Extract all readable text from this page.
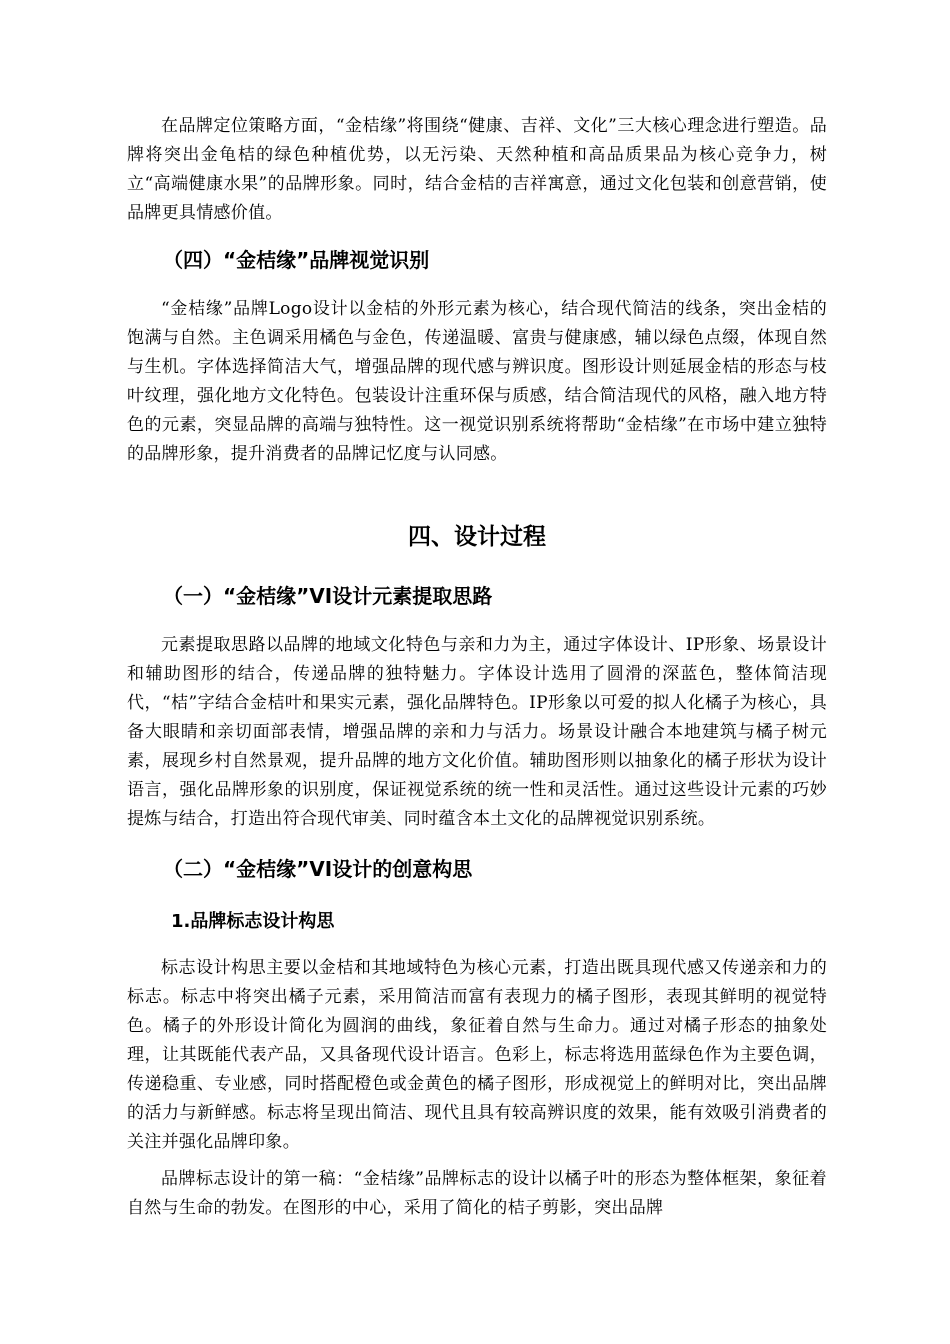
在品牌定位策略方面，“金桔缘”将围绕“健康、吉祥、文化”三大核心理念进行塑造。品牌将突出金龟桔的绿色种植优势，以无污染、天然种植和高品质果品为核心竞争力，树立“高端健康水果”的品牌形象。同时，结合金桔的吉祥寓意，通过文化包装和创意营销，使品牌更具情感价值。

（四）“金桔缘”品牌视觉识别

“金桔缘”品牌Logo设计以金桔的外形元素为核心，结合现代简洁的线条，突出金桔的饱满与自然。主色调采用橘色与金色，传递温暖、富贵与健康感，辅以绿色点缀，体现自然与生机。字体选择简洁大气，增强品牌的现代感与辨识度。图形设计则延展金桔的形态与枝叶纹理，强化地方文化特色。包装设计注重环保与质感，结合简洁现代的风格，融入地方特色的元素，突显品牌的高端与独特性。这一视觉识别系统将帮助“金桔缘”在市场中建立独特的品牌形象，提升消费者的品牌记忆度与认同感。

四、设计过程
（一）“金桔缘”VI设计元素提取思路

元素提取思路以品牌的地域文化特色与亲和力为主，通过字体设计、IP形象、场景设计和辅助图形的结合，传递品牌的独特魅力。字体设计选用了圆滑的深蓝色，整体简洁现代，“桔”字结合金桔叶和果实元素，强化品牌特色。IP形象以可爱的拟人化橘子为核心，具备大眼睛和亲切面部表情，增强品牌的亲和力与活力。场景设计融合本地建筑与橘子树元素，展现乡村自然景观，提升品牌的地方文化价值。辅助图形则以抽象化的橘子形状为设计语言，强化品牌形象的识别度，保证视觉系统的统一性和灵活性。通过这些设计元素的巧妙提炼与结合，打造出符合现代审美、同时蕴含本土文化的品牌视觉识别系统。

（二）“金桔缘”VI设计的创意构思
1.品牌标志设计构思

标志设计构思主要以金桔和其地域特色为核心元素，打造出既具现代感又传递亲和力的标志。标志中将突出橘子元素，采用简洁而富有表现力的橘子图形，表现其鲜明的视觉特色。橘子的外形设计简化为圆润的曲线，象征着自然与生命力。通过对橘子形态的抽象处理，让其既能代表产品，又具备现代设计语言。色彩上，标志将选用蓝绿色作为主要色调，传递稳重、专业感，同时搭配橙色或金黄色的橘子图形，形成视觉上的鲜明对比，突出品牌的活力与新鲜感。标志将呈现出简洁、现代且具有较高辨识度的效果，能有效吸引消费者的关注并强化品牌印象。

品牌标志设计的第一稿：“金桔缘”品牌标志的设计以橘子叶的形态为整体框架，象征着自然与生命的勃发。在图形的中心，采用了简化的桔子剪影，突出品牌
